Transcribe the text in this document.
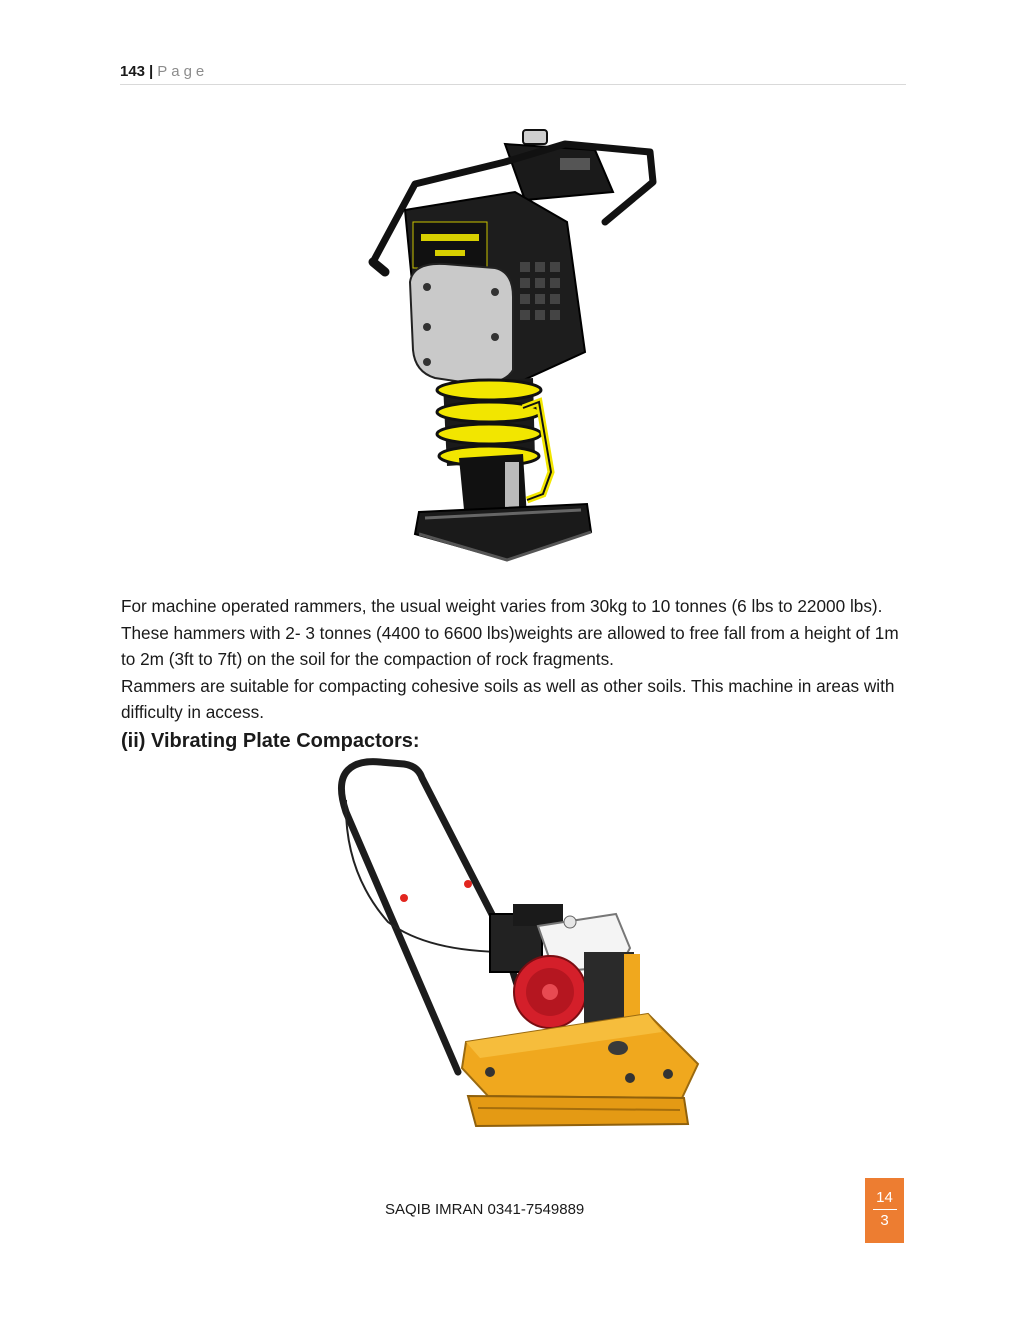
143 | Page

For machine operated rammers, the usual weight varies from 30kg to 10 tonnes (6 lbs to 22000 lbs). These hammers with 2- 3 tonnes (4400 to 6600 lbs)weights are allowed to free fall from a height of 1m to 2m (3ft to 7ft) on the soil for the compaction of rock fragments.

Rammers are suitable for compacting cohesive soils as well as other soils. This machine in areas with difficulty in access.

(ii) Vibrating Plate Compactors:
SAQIB IMRAN 0341-7549889
14
3
